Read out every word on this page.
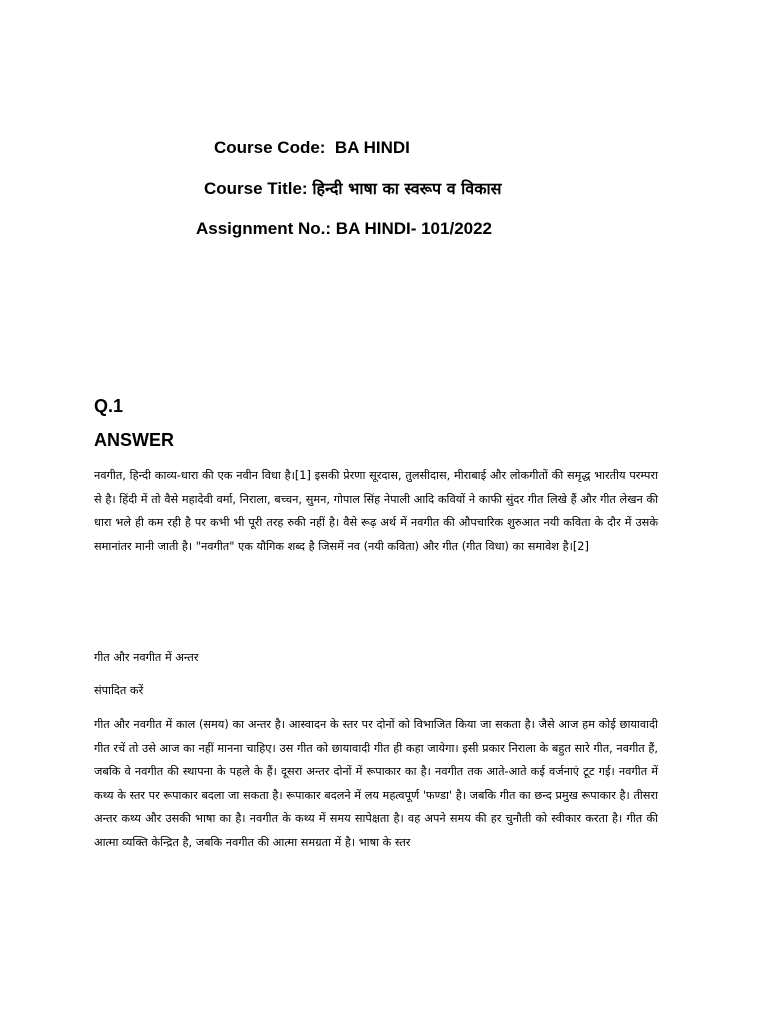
Course Code: BA HINDI
Course Title: हिन्दी भाषा का स्वरूप व विकास
Assignment No.: BA HINDI- 101/2022
Q.1
ANSWER

नवगीत, हिन्दी काव्य-धारा की एक नवीन विधा है।[1] इसकी प्रेरणा सूरदास, तुलसीदास, मीराबाई और लोकगीतों की समृद्ध भारतीय परम्परा से है। हिंदी में तो वैसे महादेवी वर्मा, निराला, बच्चन, सुमन, गोपाल सिंह नेपाली आदि कवियों ने काफी सुंदर गीत लिखे हैं और गीत लेखन की धारा भले ही कम रही है पर कभी भी पूरी तरह रुकी नहीं है। वैसे रूढ़ अर्थ में नवगीत की औपचारिक शुरुआत नयी कविता के दौर में उसके समानांतर मानी जाती है। "नवगीत" एक यौगिक शब्द है जिसमें नव (नयी कविता) और गीत (गीत विधा) का समावेश है।[2]

गीत और नवगीत में अन्तर
संपादित करें

गीत और नवगीत में काल (समय) का अन्तर है। आस्वादन के स्तर पर दोनों को विभाजित किया जा सकता है। जैसे आज हम कोई छायावादी गीत रचें तो उसे आज का नहीं मानना चाहिए। उस गीत को छायावादी गीत ही कहा जायेगा। इसी प्रकार निराला के बहुत सारे गीत, नवगीत हैं, जबकि वे नवगीत की स्थापना के पहले के हैं। दूसरा अन्तर दोनों में रूपाकार का है। नवगीत तक आते-आते कई वर्जनाएं टूट गई। नवगीत में कथ्य के स्तर पर रूपाकार बदला जा सकता है। रूपाकार बदलने में लय महत्वपूर्ण 'फण्डा' है। जबकि गीत का छन्द प्रमुख रूपाकार है। तीसरा अन्तर कथ्य और उसकी भाषा का है। नवगीत के कथ्य में समय सापेक्षता है। वह अपने समय की हर चुनौती को स्वीकार करता है। गीत की आत्मा व्यक्ति केन्द्रित है, जबकि नवगीत की आत्मा समग्रता में है। भाषा के स्तर
